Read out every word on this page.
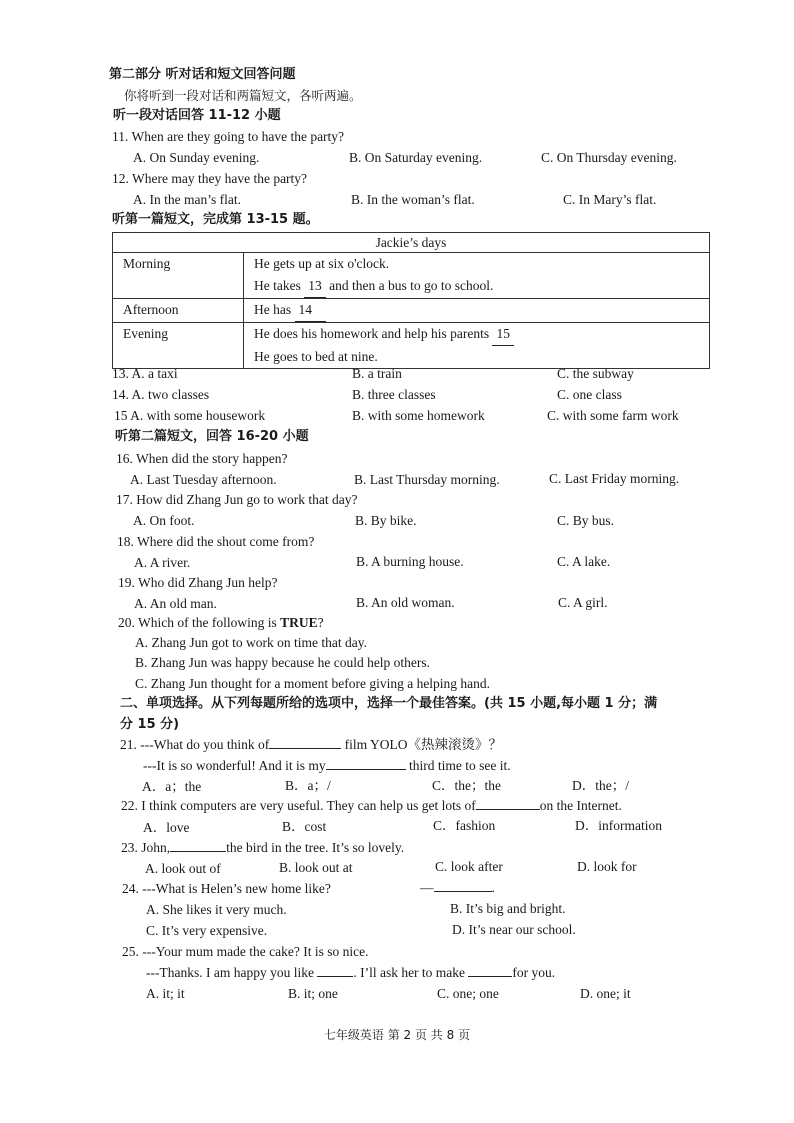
第二部分 听对话和短文回答问题
你将听到一段对话和两篇短文，各听两遍。
听一段对话回答 11-12 小题
11. When are they going to have the party?
A. On Sunday evening.	B. On Saturday evening.	C. On Thursday evening.
12. Where may they have the party?
A. In the man’s flat.	B. In the woman’s flat.	C. In Mary’s flat.
听第一篇短文，完成第 13-15 题。
Jackie’s days	
Morning	He gets up at six o'clock.
He takes 13 and then a bus to go to school.

Afternoon	He has 14
Evening	He does his homework and help his parents 15
He goes to bed at nine.
13. A. a taxi	B. a train	C. the subway
14. A. two classes	B. three classes	C. one class
15 A. with some housework	B. with some homework	C. with some farm work
听第二篇短文，回答 16-20 小题
16. When did the story happen?
A. Last Tuesday afternoon.	B. Last Thursday morning.	C. Last Friday morning.
17. How did Zhang Jun go to work that day?
A. On foot.	B. By bike.	C. By bus.
18. Where did the shout come from?
A. A river.	B. A burning house.	C. A lake.
19. Who did Zhang Jun help?
A. An old man.	B. An old woman.	C. A girl.
20. Which of the following is TRUE?
A. Zhang Jun got to work on time that day.
B. Zhang Jun was happy because he could help others.
C. Zhang Jun thought for a moment before giving a helping hand.
二、单项选择。从下列每题所给的选项中，选择一个最佳答案。(共 15 小题,每小题 1 分；满
分 15 分)
21. ---What do you think of	film YOLO《热辣滚烫》？
---It is so wonderful! And it is my	third time to see it.
A．a；the	B．a；/	C．the；the	D．the；/
22. I think computers are very useful. They can help us get lots of	on the Internet.
A．love	B．cost	C．fashion	D．information
23. John,	the bird in the tree. It’s so lovely.
A. look out of	B. look out at	C. look after	D. look for
24. ---What is Helen’s new home like?	—	.
A. She likes it very much.	B. It’s big and bright.
C. It’s very expensive.	D. It’s near our school.
25. ---Your mum made the cake? It is so nice.
---Thanks. I am happy you like	. I’ll ask her to make	for you.
A. it; it	B. it; one	C. one; one	D. one; it
七年级英语 第 2 页 共 8 页
